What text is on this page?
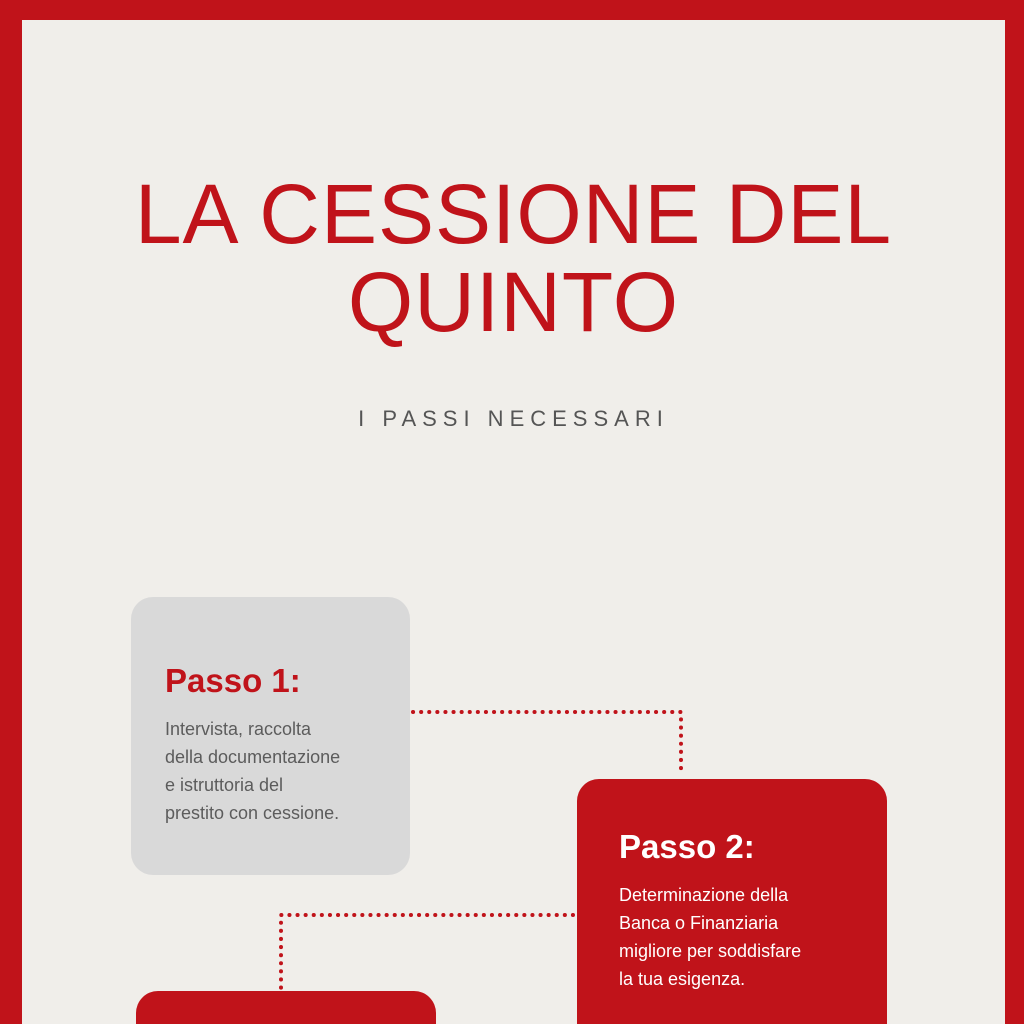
LA CESSIONE DEL
QUINTO
I PASSI NECESSARI
Passo 1:
Intervista, raccolta
della documentazione
e istruttoria del
prestito con cessione.
Passo 2:
Determinazione della
Banca o Finanziaria
migliore per soddisfare
la tua esigenza.
